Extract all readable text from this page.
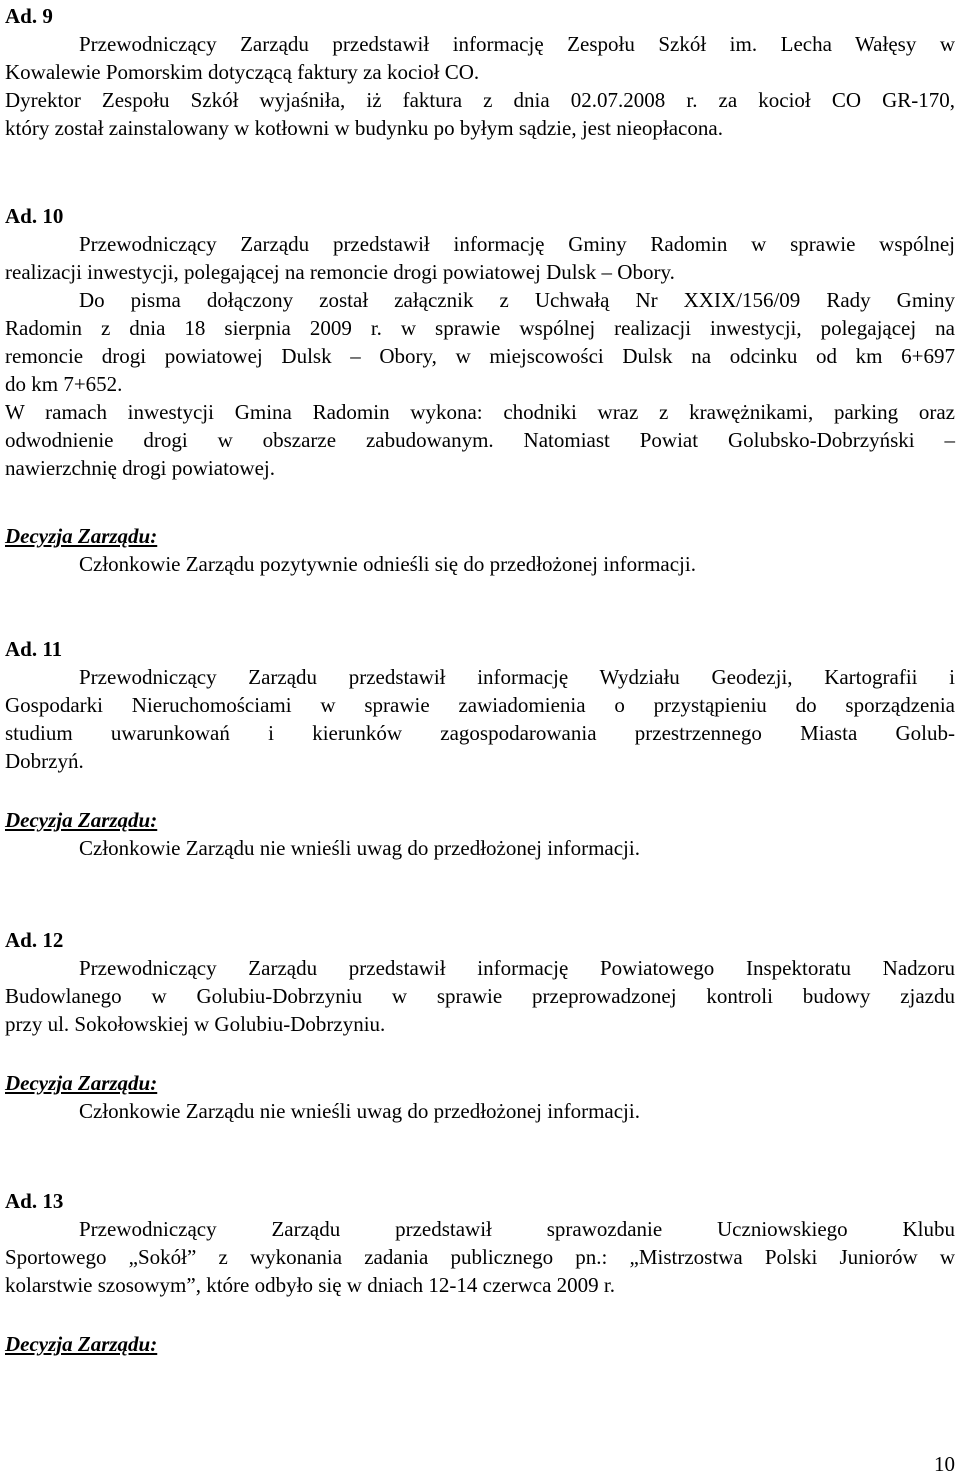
Ad. 9
Przewodniczący Zarządu przedstawił informację Zespołu Szkół im. Lecha Wałęsy w
Kowalewie Pomorskim dotyczącą faktury za kocioł CO.
Dyrektor Zespołu Szkół wyjaśniła, iż faktura z dnia 02.07.2008 r. za kocioł CO GR-170,
który został zainstalowany w kotłowni w budynku po byłym sądzie, jest nieopłacona.
Ad. 10
Przewodniczący Zarządu przedstawił informację Gminy Radomin w sprawie wspólnej
realizacji inwestycji, polegającej na remoncie drogi powiatowej Dulsk – Obory.
Do pisma dołączony został załącznik z Uchwałą Nr XXIX/156/09 Rady Gminy
Radomin z dnia 18 sierpnia 2009 r. w sprawie wspólnej realizacji inwestycji, polegającej na
remoncie drogi powiatowej Dulsk – Obory, w miejscowości Dulsk na odcinku od km 6+697
do km 7+652.
W ramach inwestycji Gmina Radomin wykona: chodniki wraz z krawężnikami, parking oraz
odwodnienie drogi w obszarze zabudowanym. Natomiast Powiat Golubsko-Dobrzyński –
nawierzchnię drogi powiatowej.
Decyzja Zarządu:
Członkowie Zarządu pozytywnie odnieśli się do przedłożonej informacji.
Ad. 11
Przewodniczący Zarządu przedstawił informację Wydziału Geodezji, Kartografii i
Gospodarki Nieruchomościami w sprawie zawiadomienia o przystąpieniu do sporządzenia
studium uwarunkowań i kierunków zagospodarowania przestrzennego Miasta Golub-
Dobrzyń.
Decyzja Zarządu:
Członkowie Zarządu nie wnieśli uwag do przedłożonej informacji.
Ad. 12
Przewodniczący Zarządu przedstawił informację Powiatowego Inspektoratu Nadzoru
Budowlanego w Golubiu-Dobrzyniu w sprawie przeprowadzonej kontroli budowy zjazdu
przy ul. Sokołowskiej w Golubiu-Dobrzyniu.
Decyzja Zarządu:
Członkowie Zarządu nie wnieśli uwag do przedłożonej informacji.
Ad. 13
Przewodniczący Zarządu przedstawił sprawozdanie Uczniowskiego Klubu
Sportowego „Sokół” z wykonania zadania publicznego pn.: „Mistrzostwa Polski Juniorów w
kolarstwie szosowym”, które odbyło się w dniach 12-14 czerwca 2009 r.
Decyzja Zarządu:
10
